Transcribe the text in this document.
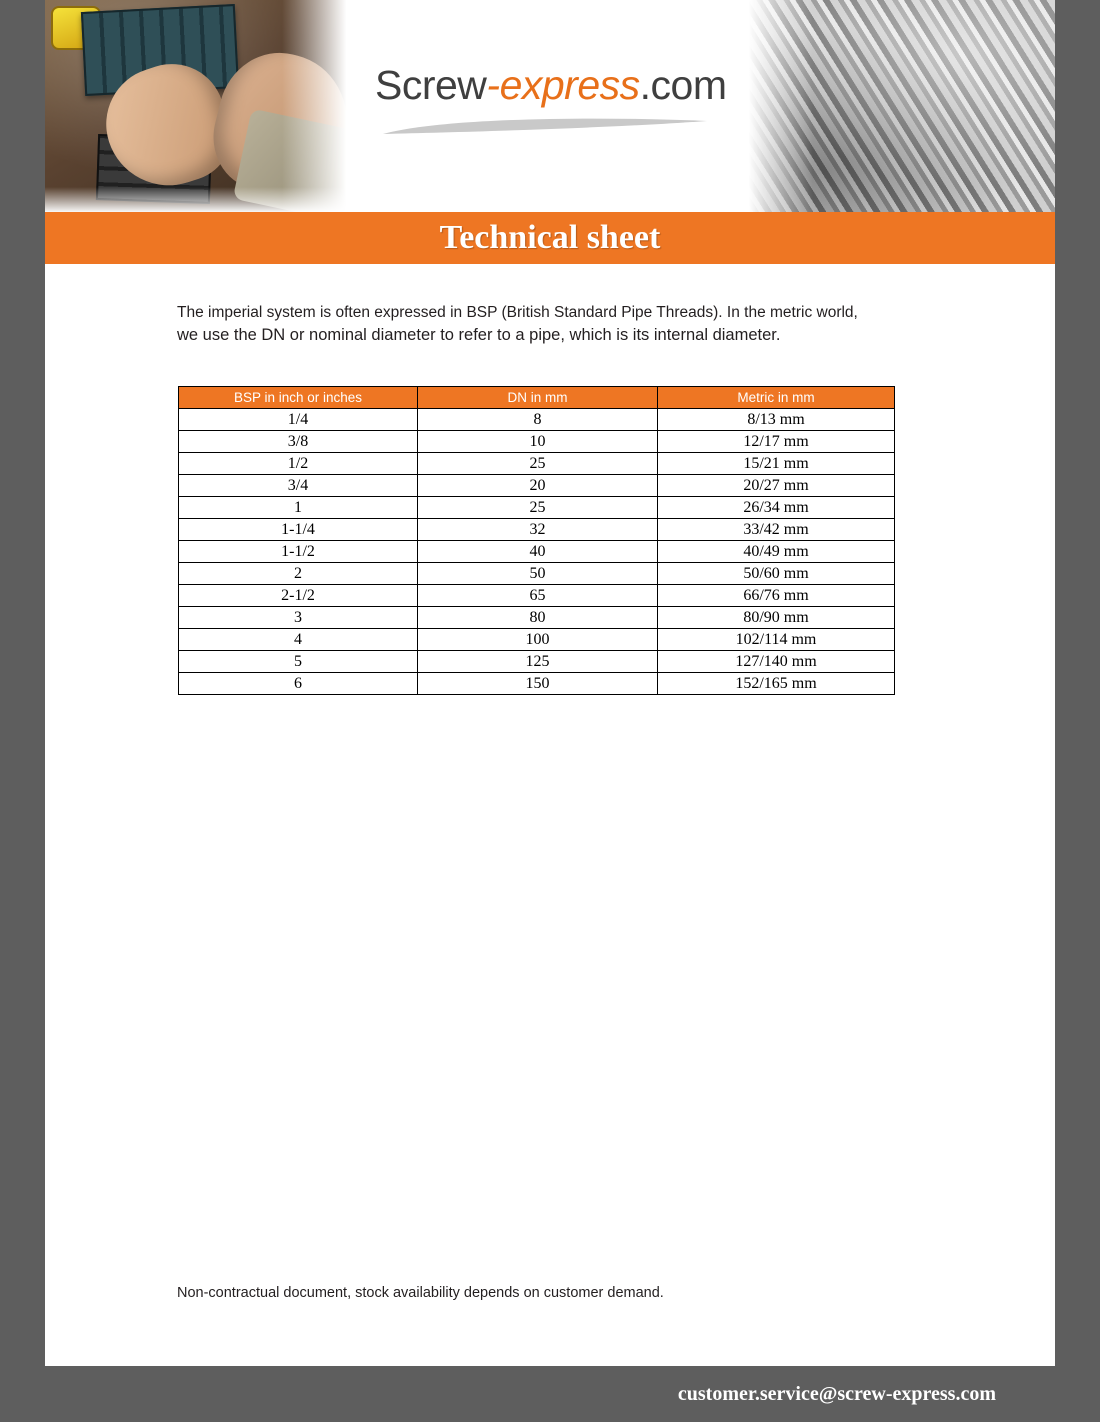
Screw-express.com
Technical sheet
The imperial system is often expressed in BSP (British Standard Pipe Threads). In the metric world,
we use the DN or nominal diameter to refer to a pipe, which is its internal diameter.
BSP in inch or inches	DN in mm	Metric in mm
1/4	8	8/13 mm
3/8	10	12/17 mm
1/2	25	15/21 mm
3/4	20	20/27 mm
1	25	26/34 mm
1-1/4	32	33/42 mm
1-1/2	40	40/49 mm
2	50	50/60 mm
2-1/2	65	66/76 mm
3	80	80/90 mm
4	100	102/114 mm
5	125	127/140 mm
6	150	152/165 mm
Non-contractual document, stock availability depends on customer demand.
customer.service@screw-express.com
